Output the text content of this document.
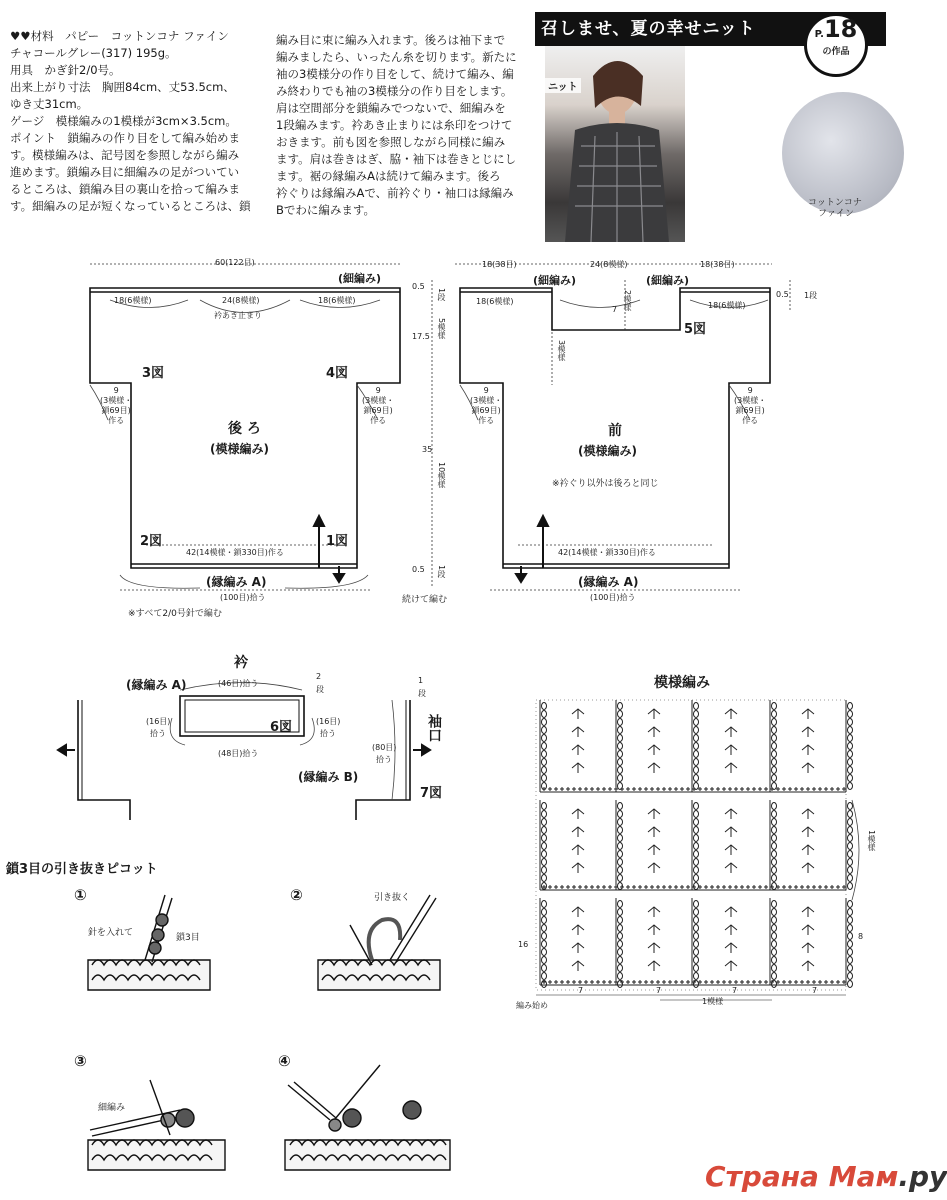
♥♥材料　パピー　コットンコナ ファイン
チャコールグレー(317) 195g。
用具　かぎ針2/0号。
出来上がり寸法　胸囲84cm、丈53.5cm、
ゆき丈31cm。
ゲージ　模様編みの1模様が3cm×3.5cm。
ポイント　鎖編みの作り目をして編み始めま
す。模様編みは、記号図を参照しながら編み
進めます。鎖編み目に細編みの足がついてい
るところは、鎖編み目の裏山を拾って編みま
す。細編みの足が短くなっているところは、鎖
編み目に束に編み入れます。後ろは袖下まで
編みましたら、いったん糸を切ります。新たに
袖の3模様分の作り目をして、続けて編み、編
み終わりでも袖の3模様分の作り目をします。
肩は空間部分を鎖編みでつないで、細編みを
1段編みます。衿あき止まりには糸印をつけて
おきます。前も図を参照しながら同様に編み
ます。肩は巻きはぎ、脇・袖下は巻きとじにし
ます。裾の縁編みAは続けて編みます。後ろ
衿ぐりは縁編みAで、前衿ぐり・袖口は縁編み
Bでわに編みます。
召しませ、夏の幸せニット	P.18
の作品
ニット
コットンコナ
ファイン
60(122目)
(細編み)
18(6模様)	24(8模様)	18(6模様)
衿あき止まり
3図	4図
後 ろ
(模様編み)
9
(3模様・
鎖69目)
作る
9
(3模様・
鎖69目)
作る
2図	1図
42(14模様・鎖330目)作る
(縁編み A)
(100目)拾う
※すべて2/0号針で編む
0.5
1段
17.5 5模様
35
10模様
0.5 1段
18(38目)	24(8模様)	18(38目)
(細編み)	(細編み)
18(6模様)	18(6模様)
7 2模様
3模様
5図
0.5 1段
前
(模様編み)
※衿ぐり以外は後ろと同じ
9
(3模様・
鎖69目)
作る
9
(3模様・
鎖69目)
作る
42(14模様・鎖330目)作る
(縁編み A)
(100目)拾う
続けて編む
衿
(縁編み A)	(46目)拾う
2
段
(16目)
拾う
(16目)
拾う
6図
(48目)拾う
(縁編み B)
1
段
袖口
(80目)
拾う
7図
鎖3目の引き抜きピコット
①	②
③	④
針を入れて	鎖3目
引き抜く
細編み
模様編み
16
8
7	7	7	7
1模様
1模様
編み始め
Страна Мам.ру
